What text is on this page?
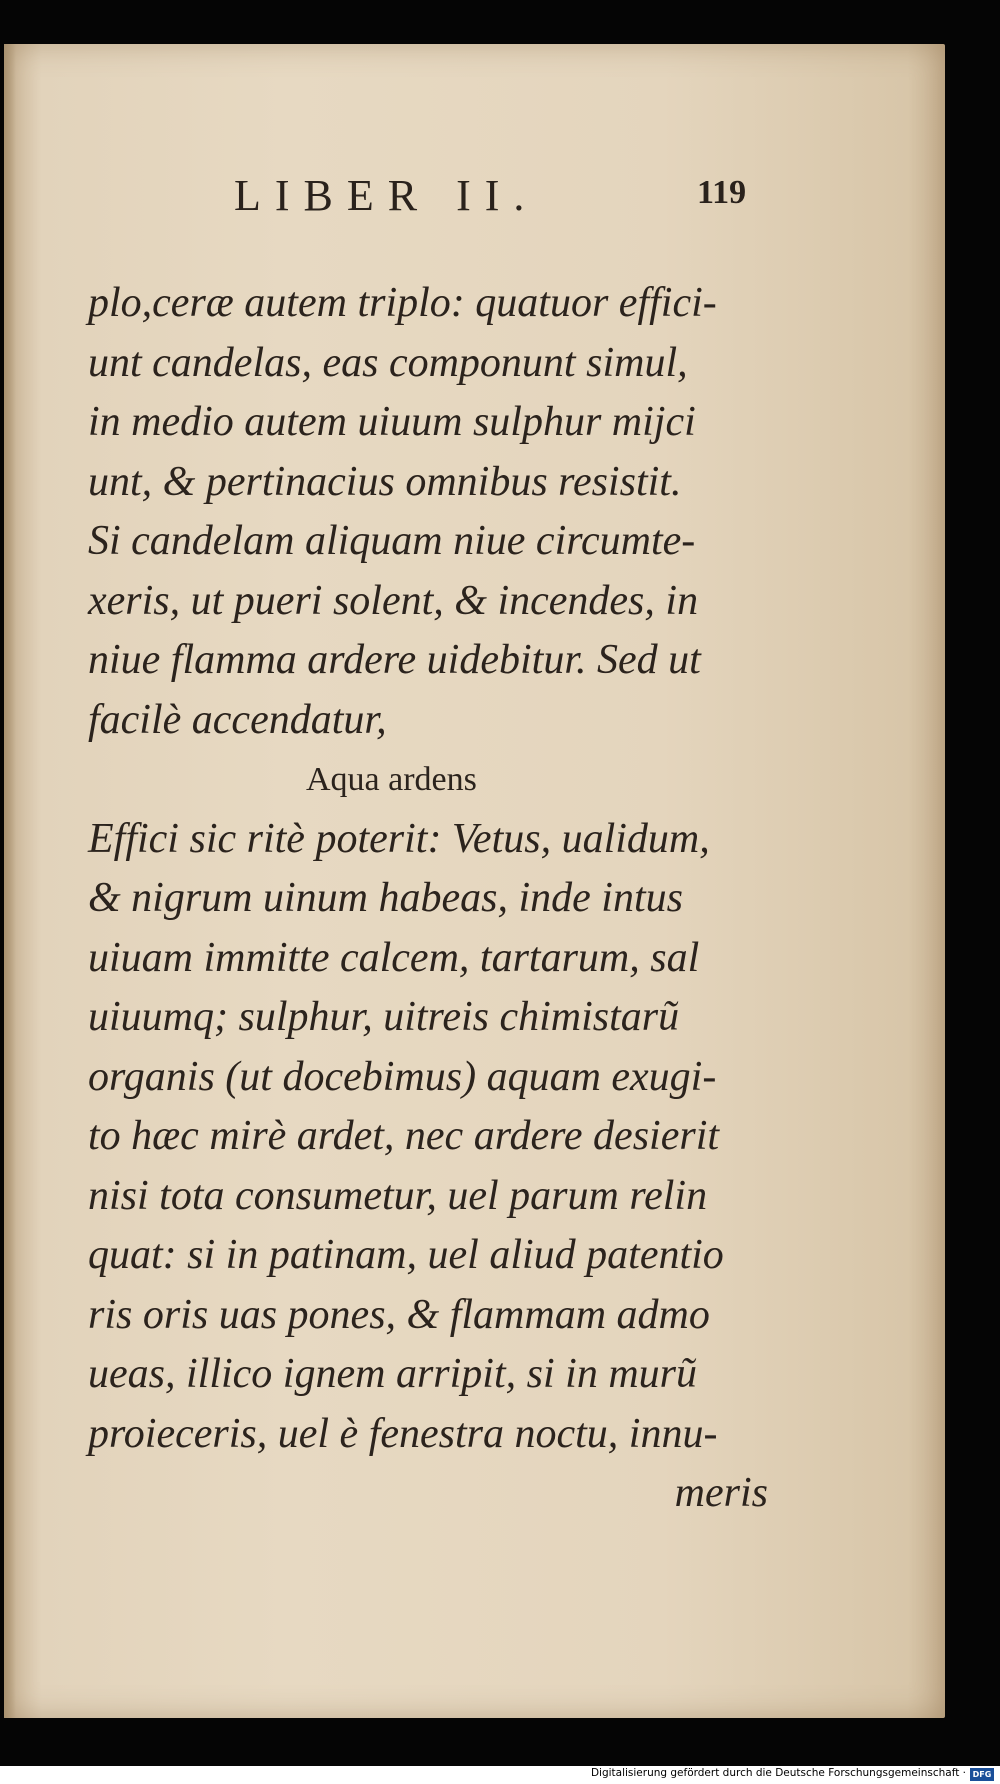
LIBER II.	119
plo,ceræ autem triplo: quatuor effici-
unt candelas, eas componunt simul,
in medio autem uiuum sulphur mijci
unt, & pertinacius omnibus resistit.
Si candelam aliquam niue circumte-
xeris, ut pueri solent, & incendes, in
niue flamma ardere uidebitur. Sed ut
facilè accendatur,
Aqua ardens
Effici sic ritè poterit: Vetus, ualidum,
& nigrum uinum habeas, inde intus
uiuam immitte calcem, tartarum, sal
uiuumq; sulphur, uitreis chimistarũ
organis (ut docebimus) aquam exugi-
to hæc mirè ardet, nec ardere desierit
nisi tota consumetur, uel parum relin
quat: si in patinam, uel aliud patentio
ris oris uas pones, & flammam admo
ueas, illico ignem arripit, si in murũ
proieceris, uel è fenestra noctu, innu-
meris
Digitalisierung gefördert durch die Deutsche Forschungsgemeinschaft · DFG
